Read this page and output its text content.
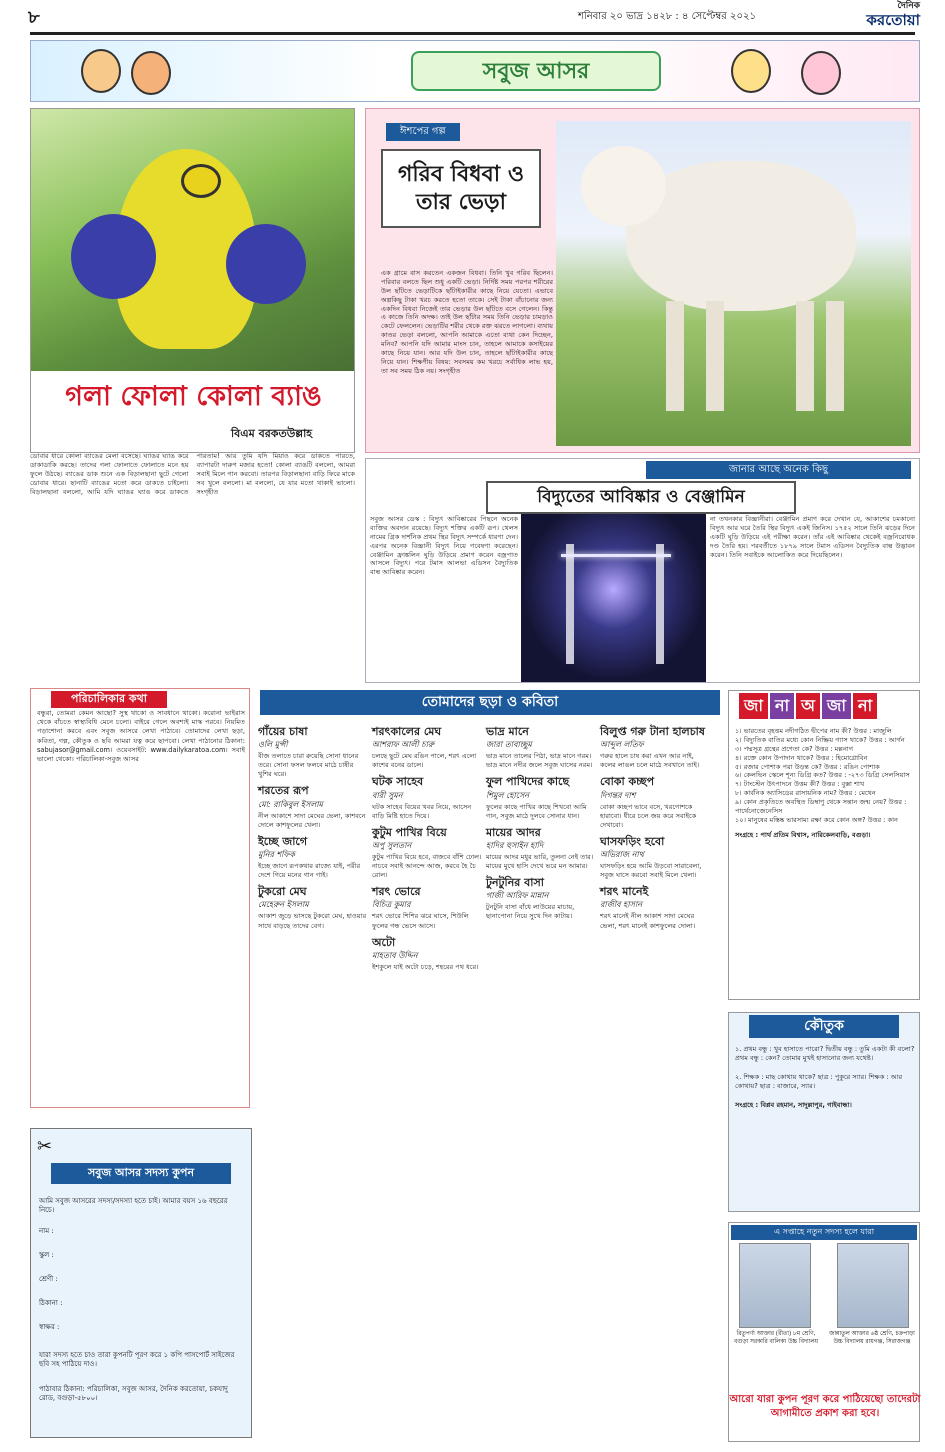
৮	শনিবার ২০ ভাদ্র ১৪২৮ : ৪ সেপ্টেম্বর ২০২১
দৈনিক
করতোয়া
সবুজ আসর
গলা ফোলা কোলা ব্যাঙ
বিএম বরকতউল্লাহ
ডোবার ধারে কোলা ব্যাঙের মেলা বসেছে। ঘ্যাঙর ঘ্যাঙ করে ডাকাডাকি করছে। তাদের গলা ফোলাতে ফোলাতে মনে হয় ফুলে উঠছে। ব্যাঙের ডাক শুনে এক বিড়ালছানা ছুটে গেলো ডোবার ধারে। ছানাটি ব্যাঙের মতো করে ডাকতে চাইলো। বিড়ালছানা বললো, আমি যদি ঘ্যাঙর ঘ্যাঙ করে ডাকতে পারতাম! আর তুমি যদি মিয়াও করে ডাকতে পারতে, ব্যাপারটা দারুণ মজার হতো! কোলা ব্যাঙটি বললো, আমরা সবাই মিলে গান করবো। তারপর বিড়ালছানা বাড়ি ফিরে মাকে সব খুলে বললো। মা বললো, যে যার মতো থাকাই ভালো। সংগৃহীত
ঈশপের গল্প
গরিব বিধবা ও তার ভেড়া
এক গ্রামে বাস করতেন একজন বিধবা। তিনি খুব গরিব ছিলেন। পরিবার বলতে ছিল শুধু একটি ভেড়া। নির্দিষ্ট সময় পরপর শরীরের উল ছাঁটতে ভেড়াটিকে ছাঁটাইকারীর কাছে নিয়ে যেতো। এভাবে অল্পকিছু টাকা খরচ করতে হতো তাকে। সেই টাকা বাঁচানোর জন্য একদিন বিধবা নিজেই তার ভেড়ার উল ছাঁটতে বসে গেলেন। কিন্তু এ কাজে তিনি অদক্ষ। তাই উল ছাঁটার সময় তিনি ভেড়ার চামড়াও কেটে ফেললেন। ভেড়াটির শরীর থেকে রক্ত ঝরতে লাগলো। ব্যথায় কাতর ভেড়া বললো, আপনি আমাকে এতো ব্যথা কেন দিচ্ছেন, মনিব? আপনি যদি আমার মাংস চান, তাহলে আমাকে কসাইয়ের কাছে নিয়ে যান। আর যদি উল চান, তাহলে ছাঁটাইকারীর কাছে নিয়ে যান। শিক্ষণীয় বিষয়: সবসময় কম খরচে সর্বাধিক লাভ হয়, তা সব সময় ঠিক নয়। সংগৃহীত
জানার আছে অনেক কিছু
বিদ্যুতের আবিষ্কার ও বেঞ্জামিন
সবুজ আসর ডেস্ক : বিদ্যুৎ আবিষ্কারের পিছনে অনেক ব্যক্তির অবদান রয়েছে। বিদ্যুৎ শক্তির একটি রূপ। থেলস নামের গ্রিক দার্শনিক প্রথম স্থির বিদ্যুৎ সম্পর্কে ধারণা দেন। এরপর অনেক বিজ্ঞানী বিদ্যুৎ নিয়ে গবেষণা করেছেন। বেঞ্জামিন ফ্রাঙ্কলিন ঘুড়ি উড়িয়ে প্রমাণ করেন বজ্রপাত আসলে বিদ্যুৎ। পরে টমাস আলভা এডিসন বৈদ্যুতিক বাল্ব আবিষ্কার করেন।
না তখনকার বিজ্ঞানীরা। বেঞ্জামিন প্রমাণ করে দেখান যে, আকাশের চমকানো বিদ্যুৎ আর ঘরে তৈরি স্থির বিদ্যুৎ একই জিনিস। ১৭৫২ সালে তিনি ঝড়ের দিনে একটি ঘুড়ি উড়িয়ে এই পরীক্ষা করেন। তাঁর এই আবিষ্কার থেকেই বজ্রনিরোধক দণ্ড তৈরি হয়। পরবর্তীতে ১৮৭৯ সালে টমাস এডিসন বৈদ্যুতিক বাল্ব উদ্ভাবন করেন। তিনি সবাইকে আলোকিত করে দিয়েছিলেন।
পরিচালিকার কথা
বন্ধুরা, তোমরা কেমন আছো? সুস্থ থাকো ও সাবধানে থাকো। করোনা ভাইরাস থেকে বাঁচতে স্বাস্থ্যবিধি মেনে চলো। বাইরে গেলে অবশ্যই মাস্ক পরবে। নিয়মিত পড়াশোনা করবে এবং সবুজ আসরে লেখা পাঠাবে। তোমাদের লেখা ছড়া, কবিতা, গল্প, কৌতুক ও ছবি আমরা যত্ন করে ছাপবো। লেখা পাঠানোর ঠিকানা: sabujasor@gmail.com। ওয়েবসাইট: www.dailykaratoa.com। সবাই ভালো থেকো। পরিচালিকা-সবুজ আসর
✂
সবুজ আসর সদস্য কুপন
আমি সবুজ আসরের সদস্য/সদস্যা হতে চাই। আমার বয়স ১৬ বছরের নিচে।
নাম :
স্কুল :
শ্রেণী :
ঠিকানা :
স্বাক্ষর :
যারা সদস্য হতে চাও তারা কুপনটি পূরণ করে ১ কপি পাসপোর্ট সাইজের ছবি সহ পাঠিয়ে দাও।
পাঠাবার ঠিকানা: পরিচালিকা, সবুজ আসর, দৈনিক করতোয়া, চকযাদু রোড, বগুড়া-৫৮০০।
তোমাদের ছড়া ও কবিতা
গাঁয়ের চাষা
ওলি মুন্সী
বীজ তলাতে চারা রুয়েছি সোনা ধানের তরে। সোনা ফসল ফলবে মাঠে চাষীর খুশির ঘরে।
শরতের রূপ
মো: রাকিবুল ইসলাম
নীল আকাশে সাদা মেঘের ভেলা, কাশবনে দোলে কাশফুলের খেলা।
ইচ্ছে জাগে
মুনির শফিক
ইচ্ছে জাগে রূপকথার রাজ্যে যাই, পরীর দেশে গিয়ে মনের গান গাই।
টুকরো মেঘ
মেহেরুন ইসলাম
আকাশ জুড়ে ভাসছে টুকরো মেঘ, হাওয়ার সাথে বাড়ছে তাদের বেগ।
শরৎকালের মেঘ
আশরাফ আলী চারু
চলছে ছুটে মেঘ রঙিন পালে, শরৎ এলো কাশের বনের ডালে।
ঘটক সাহেব
বারী সুমন
ঘটক সাহেব বিয়ের খবর নিয়ে, আসেন বাড়ি মিষ্টি হাতে দিয়ে।
কুটুম পাখির বিয়ে
অপু সুলতান
কুটুম পাখির বিয়ে হবে, বাজবে বাঁশি ঢোল। নাচবে সবাই আনন্দে আজ, করবে হৈ চৈ রোল।
শরৎ ভোরে
বিচিত্র কুমার
শরৎ ভোরে শিশির ঝরে ঘাসে, শিউলি ফুলের গন্ধ ভেসে আসে।
অটো
মাহতাব উদ্দিন
ইশকুলে যাই অটো চড়ে, শহরের পথ ধরে।
ভাদ্র মানে
জারা তাবাচ্ছুম
ভাদ্র মানে তালের পিঠা, ভাদ্র মানে গরম। ভাদ্র মানে নদীর জলে সবুজ ঘাসের নরম।
ফুল পাখিদের কাছে
শিমুল হোসেন
ফুলের কাছে পাখির কাছে শিখবো আমি গান, সবুজ মাঠে দুলবে সোনার ধান।
মায়ের আদর
হাদির হুসাইন হাদি
মায়ের আদর মধুর ভারি, তুলনা নেই তার। মায়ের মুখে হাসি দেখে ভরে মন আমার।
টুনটুনির বাসা
গাজী আরিফ মান্নান
টুনটুনি বাসা বাঁধে লাউয়ের মাচায়, ছানাপোনা নিয়ে সুখে দিন কাটায়।
বিলুপ্ত গরু টানা হালচাষ
আব্দুল লতিফ
গরুর হালে চাষ করা এখন আর নাই, কলের লাঙল চলে মাঠে সবখানে তাই।
বোকা কচ্ছপ
দিগন্তর দাশ
বোকা কচ্ছপ ভাবে বসে, খরগোশকে হারাবো। ধীরে চলে জয় করে সবাইকে দেখাবো।
ঘাসফড়িং হবো
অভিরাজ নাথ
ঘাসফড়িং হয়ে আমি উড়বো সারাবেলা, সবুজ ঘাসে করবো সবাই মিলে খেলা।
শরৎ মানেই
রাজীব হাসান
শরৎ মানেই নীল আকাশ সাদা মেঘের ভেলা, শরৎ মানেই কাশফুলের দোলা।
জা না অ জা না
১। ভারতের বৃহত্তম নদীগঠিত দ্বীপের নাম কী? উত্তর : মাজুলি
২। বিদ্যুতিক বাতির মধ্যে কোন নিষ্ক্রিয় গ্যাস থাকে? উত্তর : আর্গন
৩। পদ্মসূত্র গ্রন্থের প্রণেতা কে? উত্তর : মল্লনাগ
৪। রক্তে কোন উপাদান থাকে? উত্তর : হিমোগ্লোবিন
৫। রজার পোশাক পরা উড়ন্ত কে? উত্তর : রঙিন পোশাক
৬। কেলভিন স্কেলে শূন্য ডিগ্রি কত? উত্তর : -২৭৩ ডিগ্রি সেলসিয়াস
৭। টাংস্টেন উৎপাদনে উত্তম কী? উত্তর : বুক্সা শাখ
৮। কার্বনিক অ্যাসিডের রাসায়নিক নাম? উত্তর : মেথেন
৯। কোন প্রকৃতিতে অবস্থিত ডিম্বাণু থেকে সন্তান জন্ম নেয়? উত্তর : পার্থেনোজেনেসিস
১০। মানুষের মস্তিষ্ক ভারসাম্য রক্ষা করে কোন অঙ্গ? উত্তর : কান
সংগ্রহে : পার্থ প্রতিম বিশ্বাস, নারিকেলবাড়ি, বগুড়া।
কৌতুক
১. প্রথম বন্ধু : খুব হাসাতে পারো? দ্বিতীয় বন্ধু : তুমি একটা কী বলো? প্রথম বন্ধু : কেন? তোমার মুখই হাসানোর জন্য যথেষ্ট।
২. শিক্ষক : মাছ কোথায় থাকে? ছাত্র : পুকুরে স্যার। শিক্ষক : আর কোথায়? ছাত্র : বাজারে, স্যার।
সংগ্রহে : বিপ্লব রহমান, সাদুল্লাপুর, গাইবান্ধা।
এ সপ্তাহে নতুন সদস্য হলে যারা
রিতুপর্ণা আক্তার (রীতা) ৮ম শ্রেণি, বগুড়া সরকারি বালিকা উচ্চ বিদ্যালয়
জান্নাতুল আক্তার ৬ষ্ঠ শ্রেণি, চক্রপাড়া উচ্চ বিদ্যালয় রায়গঞ্জ, সিরাজগঞ্জ
আরো যারা কুপন পূরণ করে পাঠিয়েছো তাদেরটা আগামীতে প্রকাশ করা হবে।
